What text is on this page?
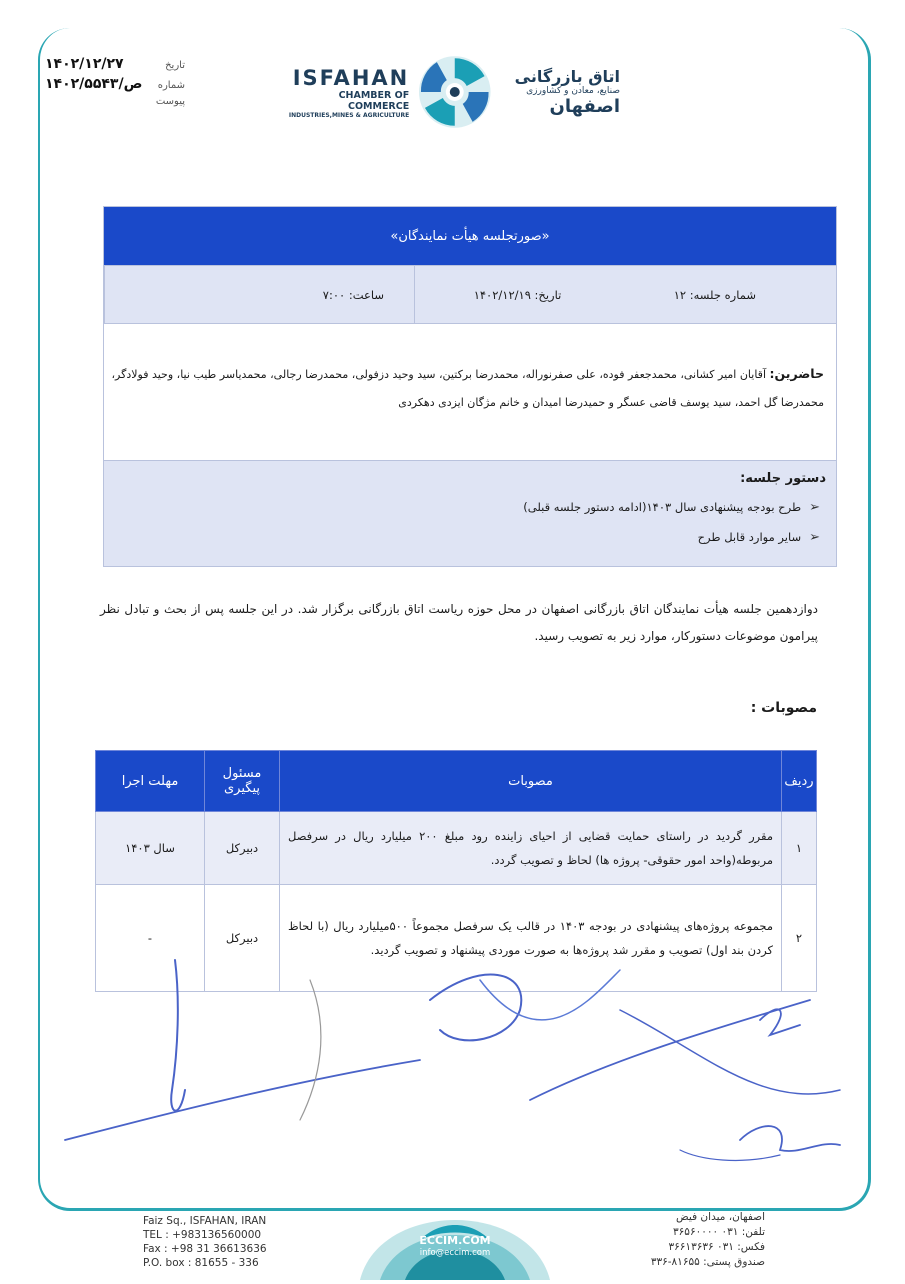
تاریخ
۱۴۰۲/۱۲/۲۷
شماره
۱۴۰۲/ص/۵۵۴۳
پیوست
ISFAHAN
CHAMBER OF COMMERCE
INDUSTRIES,MINES & AGRICULTURE
اتاق بازرگانی
صنایع، معادن و کشاورزی
اصفهان
«صورتجلسه هیأت نمایندگان»
شماره جلسه: ۱۲
تاریخ: ۱۴۰۲/۱۲/۱۹
ساعت: ۷:۰۰
حاضرین: آقایان امیر کشانی، محمدجعفر فوده، علی صفرنوراله، محمدرضا برکتین، سید وحید دزفولی، محمدرضا رجالی، محمدیاسر طیب نیا، وحید فولادگر، محمدرضا گل احمد، سید یوسف قاضی عسگر و حمیدرضا امیدان و خانم مژگان ایزدی دهکردی
دستور جلسه:
➢
طرح بودجه پیشنهادی سال ۱۴۰۳(ادامه دستور جلسه قبلی)
➢
سایر موارد قابل طرح
دوازدهمین جلسه هیأت نمایندگان اتاق بازرگانی اصفهان در محل حوزه ریاست اتاق بازرگانی برگزار شد. در این جلسه پس از بحث و تبادل نظر پیرامون موضوعات دستورکار، موارد زیر به تصویب رسید.
مصوبات :
ردیف	مصوبات	مسئول پیگیری	مهلت اجرا
۱	مقرر گردید در راستای حمایت قضایی از احیای زاینده رود مبلغ ۲۰۰ میلیارد ریال در سرفصل مربوطه(واحد امور حقوقی- پروژه ها) لحاظ و تصویب گردد.	دبیرکل	سال ۱۴۰۳
۲	مجموعه پروژه‌های پیشنهادی در بودجه ۱۴۰۳ در قالب یک سرفصل مجموعاً ۵۰۰میلیارد ریال (با لحاظ کردن بند اول) تصویب و مقرر شد پروژه‌ها به صورت موردی پیشنهاد و تصویب گردید.	دبیرکل	-
Faiz Sq., ISFAHAN, IRAN
TEL : +983136560000
Fax : +98 31 36613636
P.O. box : 81655 - 336
ECCIM.COM
info@eccim.com
اصفهان، میدان فیض
تلفن: ۰۳۱ ۳۶۵۶۰۰۰۰
فکس: ۰۳۱ ۳۶۶۱۳۶۳۶
صندوق پستی: ۸۱۶۵۵-۳۳۶
